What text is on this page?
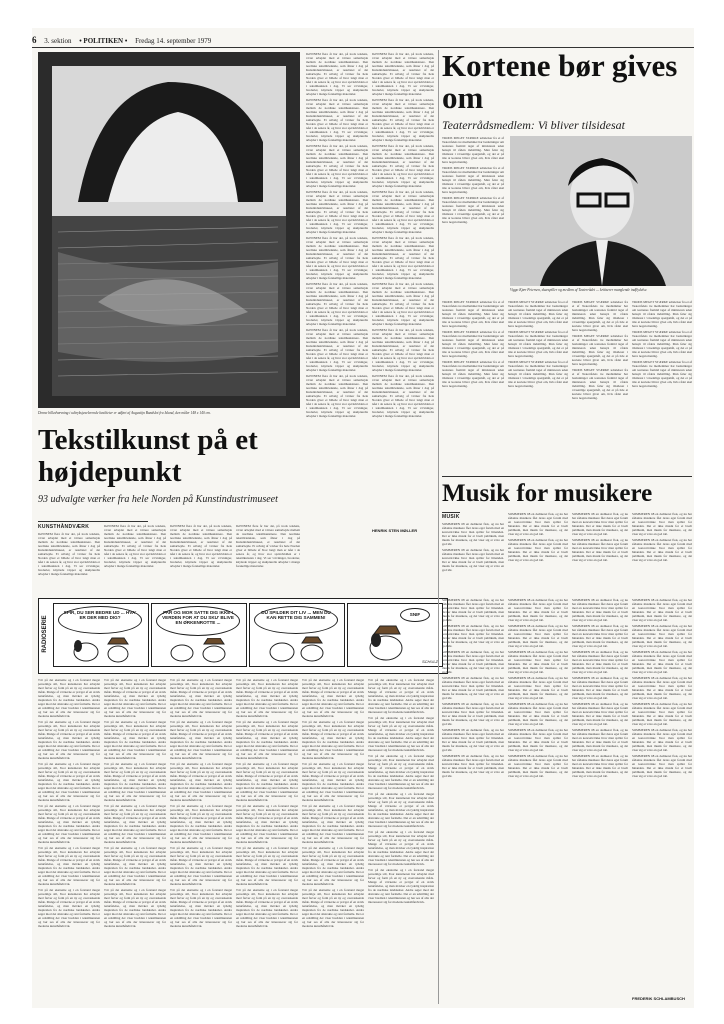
6 3. sektion • POLITIKEN • Fredag 14. september 1979
Denne billedvævning i udtryksjuvelerende kvaliteter er udført af Augustijn Bundslot fra Island, den måler 148 x 140 cm.
Tekstilkunst på et højdepunkt
93 udvalgte værker fra hele Norden på Kunstindustrimuseet
KUNSTHÅNDVÆRK

IGENNEM flere år har det, på trods tendens, været arbejdet med et tættere samarbejde mellem de nordiske tekstilkunstnere. Den nordiske tekstiltriennale, som åbner i dag på Kunstindustrimuseet, er resultatet af det samarbejde. Et udvalg af værker fra hele Norden giver et billede af hvor langt man er nået i de senere år, og hvor stor spændvidden er i tekstilkunsten i dag. Vi ser vævninger, broderier, knyttede tæpper og skulpturelle arbejder i mange forskellige materialer.

IGENNEM flere år har det, på trods tendens, været arbejdet med et tættere samarbejde mellem de nordiske tekstilkunstnere. Den nordiske tekstiltriennale, som åbner i dag på Kunstindustrimuseet, er resultatet af det samarbejde. Et udvalg af værker fra hele Norden giver et billede af hvor langt man er nået i de senere år, og hvor stor spændvidden er i tekstilkunsten i dag. Vi ser vævninger, broderier, knyttede tæpper og skulpturelle arbejder i mange forskellige materialer.

IGENNEM flere år har det, på trods tendens, været arbejdet med et tættere samarbejde mellem de nordiske tekstilkunstnere. Den nordiske tekstiltriennale, som åbner i dag på Kunstindustrimuseet, er resultatet af det samarbejde. Et udvalg af værker fra hele Norden giver et billede af hvor langt man er nået i de senere år, og hvor stor spændvidden er i tekstilkunsten i dag. Vi ser vævninger, broderier, knyttede tæpper og skulpturelle arbejder i mange forskellige materialer.

IGENNEM flere år har det, på trods tendens, været arbejdet med et tættere samarbejde mellem de nordiske tekstilkunstnere. Den nordiske tekstiltriennale, som åbner i dag på Kunstindustrimuseet, er resultatet af det samarbejde. Et udvalg af værker fra hele Norden giver et billede af hvor langt man er nået i de senere år, og hvor stor spændvidden er i tekstilkunsten i dag. Vi ser vævninger, broderier, knyttede tæpper og skulpturelle arbejder i mange forskellige materialer.

IGENNEM flere år har det, på trods tendens, været arbejdet med et tættere samarbejde mellem de nordiske tekstilkunstnere. Den nordiske tekstiltriennale, som åbner i dag på Kunstindustrimuseet, er resultatet af det samarbejde. Et udvalg af værker fra hele Norden giver et billede af hvor langt man er nået i de senere år, og hvor stor spændvidden er i tekstilkunsten i dag. Vi ser vævninger, broderier, knyttede tæpper og skulpturelle arbejder i mange forskellige materialer.

IGENNEM flere år har det, på trods tendens, været arbejdet med et tættere samarbejde mellem de nordiske tekstilkunstnere. Den nordiske tekstiltriennale, som åbner i dag på Kunstindustrimuseet, er resultatet af det samarbejde. Et udvalg af værker fra hele Norden giver et billede af hvor langt man er nået i de senere år, og hvor stor spændvidden er i tekstilkunsten i dag. Vi ser vævninger, broderier, knyttede tæpper og skulpturelle arbejder i mange forskellige materialer.

IGENNEM flere år har det, på trods tendens, været arbejdet med et tættere samarbejde mellem de nordiske tekstilkunstnere. Den nordiske tekstiltriennale, som åbner i dag på Kunstindustrimuseet, er resultatet af det samarbejde. Et udvalg af værker fra hele Norden giver et billede af hvor langt man er nået i de senere år, og hvor stor spændvidden er i tekstilkunsten i dag. Vi ser vævninger, broderier, knyttede tæpper og skulpturelle arbejder i mange forskellige materialer.

IGENNEM flere år har det, på trods tendens, været arbejdet med et tættere samarbejde mellem de nordiske tekstilkunstnere. Den nordiske tekstiltriennale, som åbner i dag på Kunstindustrimuseet, er resultatet af det samarbejde. Et udvalg af værker fra hele Norden giver et billede af hvor langt man er nået i de senere år, og hvor stor spændvidden er i tekstilkunsten i dag. Vi ser vævninger, broderier, knyttede tæpper og skulpturelle arbejder i mange forskellige materialer.

IGENNEM flere år har det, på trods tendens, været arbejdet med et tættere samarbejde mellem de nordiske tekstilkunstnere. Den nordiske tekstiltriennale, som åbner i dag på Kunstindustrimuseet, er resultatet af det samarbejde. Et udvalg af værker fra hele Norden giver et billede af hvor langt man er nået i de senere år, og hvor stor spændvidden er i tekstilkunsten i dag. Vi ser vævninger, broderier, knyttede tæpper og skulpturelle arbejder i mange forskellige materialer.

IGENNEM flere år har det, på trods tendens, været arbejdet med et tættere samarbejde mellem de nordiske tekstilkunstnere. Den nordiske tekstiltriennale, som åbner i dag på Kunstindustrimuseet, er resultatet af det samarbejde. Et udvalg af værker fra hele Norden giver et billede af hvor langt man er nået i de senere år, og hvor stor spændvidden er i tekstilkunsten i dag. Vi ser vævninger, broderier, knyttede tæpper og skulpturelle arbejder i mange forskellige materialer.

IGENNEM flere år har det, på trods tendens, været arbejdet med et tættere samarbejde mellem de nordiske tekstilkunstnere. Den nordiske tekstiltriennale, som åbner i dag på Kunstindustrimuseet, er resultatet af det samarbejde. Et udvalg af værker fra hele Norden giver et billede af hvor langt man er nået i de senere år, og hvor stor spændvidden er i tekstilkunsten i dag. Vi ser vævninger, broderier, knyttede tæpper og skulpturelle arbejder i mange forskellige materialer.

IGENNEM flere år har det, på trods tendens, været arbejdet med et tættere samarbejde mellem de nordiske tekstilkunstnere. Den nordiske tekstiltriennale, som åbner i dag på Kunstindustrimuseet, er resultatet af det samarbejde. Et udvalg af værker fra hele Norden giver et billede af hvor langt man er nået i de senere år, og hvor stor spændvidden er i tekstilkunsten i dag. Vi ser vævninger, broderier, knyttede tæpper og skulpturelle arbejder i mange forskellige materialer.

IGENNEM flere år har det, på trods tendens, været arbejdet med et tættere samarbejde mellem de nordiske tekstilkunstnere. Den nordiske tekstiltriennale, som åbner i dag på Kunstindustrimuseet, er resultatet af det samarbejde. Et udvalg af værker fra hele Norden giver et billede af hvor langt man er nået i de senere år, og hvor stor spændvidden er i tekstilkunsten i dag. Vi ser vævninger, broderier, knyttede tæpper og skulpturelle arbejder i mange forskellige materialer.

IGENNEM flere år har det, på trods tendens, været arbejdet med et tættere samarbejde mellem de nordiske tekstilkunstnere. Den nordiske tekstiltriennale, som åbner i dag på Kunstindustrimuseet, er resultatet af det samarbejde. Et udvalg af værker fra hele Norden giver et billede af hvor langt man er nået i de senere år, og hvor stor spændvidden er i tekstilkunsten i dag. Vi ser vævninger, broderier, knyttede tæpper og skulpturelle arbejder i mange forskellige materialer.

IGENNEM flere år har det, på trods tendens, været arbejdet med et tættere samarbejde mellem de nordiske tekstilkunstnere. Den nordiske tekstiltriennale, som åbner i dag på Kunstindustrimuseet, er resultatet af det samarbejde. Et udvalg af værker fra hele Norden giver et billede af hvor langt man er nået i de senere år, og hvor stor spændvidden er i tekstilkunsten i dag. Vi ser vævninger, broderier, knyttede tæpper og skulpturelle arbejder i mange forskellige materialer.

IGENNEM flere år har det, på trods tendens, været arbejdet med et tættere samarbejde mellem de nordiske tekstilkunstnere. Den nordiske tekstiltriennale, som åbner i dag på Kunstindustrimuseet, er resultatet af det samarbejde. Et udvalg af værker fra hele Norden giver et billede af hvor langt man er nået i de senere år, og hvor stor spændvidden er i tekstilkunsten i dag. Vi ser vævninger, broderier, knyttede tæpper og skulpturelle arbejder i mange forskellige materialer.

IGENNEM flere år har det, på trods tendens, været arbejdet med et tættere samarbejde mellem de nordiske tekstilkunstnere. Den nordiske tekstiltriennale, som åbner i dag på Kunstindustrimuseet, er resultatet af det samarbejde. Et udvalg af værker fra hele Norden giver et billede af hvor langt man er nået i de senere år, og hvor stor spændvidden er i tekstilkunsten i dag. Vi ser vævninger, broderier, knyttede tæpper og skulpturelle arbejder i mange forskellige materialer.

IGENNEM flere år har det, på trods tendens, været arbejdet med et tættere samarbejde mellem de nordiske tekstilkunstnere. Den nordiske tekstiltriennale, som åbner i dag på Kunstindustrimuseet, er resultatet af det samarbejde. Et udvalg af værker fra hele Norden giver et billede af hvor langt man er nået i de senere år, og hvor stor spændvidden er i tekstilkunsten i dag. Vi ser vævninger, broderier, knyttede tæpper og skulpturelle arbejder i mange forskellige materialer.

IGENNEM flere år har det, på trods tendens, været arbejdet med et tættere samarbejde mellem de nordiske tekstilkunstnere. Den nordiske tekstiltriennale, som åbner i dag på Kunstindustrimuseet, er resultatet af det samarbejde. Et udvalg af værker fra hele Norden giver et billede af hvor langt man er nået i de senere år, og hvor stor spændvidden er i tekstilkunsten i dag. Vi ser vævninger, broderier, knyttede tæpper og skulpturelle arbejder i mange forskellige materialer.

IGENNEM flere år har det, på trods tendens, været arbejdet med et tættere samarbejde mellem de nordiske tekstilkunstnere. Den nordiske tekstiltriennale, som åbner i dag på Kunstindustrimuseet, er resultatet af det samarbejde. Et udvalg af værker fra hele Norden giver et billede af hvor langt man er nået i de senere år, og hvor stor spændvidden er i tekstilkunsten i dag. Vi ser vævninger, broderier, knyttede tæpper og skulpturelle arbejder i mange forskellige materialer.

HENRIK STEN MØLLER
Kortene bør gives om
Teaterrådsmedlem: Vi bliver tilsidesat

TRODS MEGET STÆRKE udtalelser fra et af Teaterrådets tre medlemmer har beslutninger om teatrenes fremtid taget af ministeren uden hensyn til rådets indstilling. Man føler sig tilsidesat i væsentlige spørgsmål, og det er på tide at kortene bliver givet om, hvis rådet skal have nogen mening.

TRODS MEGET STÆRKE udtalelser fra et af Teaterrådets tre medlemmer har beslutninger om teatrenes fremtid taget af ministeren uden hensyn til rådets indstilling. Man føler sig tilsidesat i væsentlige spørgsmål, og det er på tide at kortene bliver givet om, hvis rådet skal have nogen mening.

TRODS MEGET STÆRKE udtalelser fra et af Teaterrådets tre medlemmer har beslutninger om teatrenes fremtid taget af ministeren uden hensyn til rådets indstilling. Man føler sig tilsidesat i væsentlige spørgsmål, og det er på tide at kortene bliver givet om, hvis rådet skal have nogen mening.

Viggo Kjær Petersen, skuespiller og medlem af Teaterrådet — kritiserer manglende indflydelse.

TRODS MEGET STÆRKE udtalelser fra et af Teaterrådets tre medlemmer har beslutninger om teatrenes fremtid taget af ministeren uden hensyn til rådets indstilling. Man føler sig tilsidesat i væsentlige spørgsmål, og det er på tide at kortene bliver givet om, hvis rådet skal have nogen mening.

TRODS MEGET STÆRKE udtalelser fra et af Teaterrådets tre medlemmer har beslutninger om teatrenes fremtid taget af ministeren uden hensyn til rådets indstilling. Man føler sig tilsidesat i væsentlige spørgsmål, og det er på tide at kortene bliver givet om, hvis rådet skal have nogen mening.

TRODS MEGET STÆRKE udtalelser fra et af Teaterrådets tre medlemmer har beslutninger om teatrenes fremtid taget af ministeren uden hensyn til rådets indstilling. Man føler sig tilsidesat i væsentlige spørgsmål, og det er på tide at kortene bliver givet om, hvis rådet skal have nogen mening.

TRODS MEGET STÆRKE udtalelser fra et af Teaterrådets tre medlemmer har beslutninger om teatrenes fremtid taget af ministeren uden hensyn til rådets indstilling. Man føler sig tilsidesat i væsentlige spørgsmål, og det er på tide at kortene bliver givet om, hvis rådet skal have nogen mening.

TRODS MEGET STÆRKE udtalelser fra et af Teaterrådets tre medlemmer har beslutninger om teatrenes fremtid taget af ministeren uden hensyn til rådets indstilling. Man føler sig tilsidesat i væsentlige spørgsmål, og det er på tide at kortene bliver givet om, hvis rådet skal have nogen mening.

TRODS MEGET STÆRKE udtalelser fra et af Teaterrådets tre medlemmer har beslutninger om teatrenes fremtid taget af ministeren uden hensyn til rådets indstilling. Man føler sig tilsidesat i væsentlige spørgsmål, og det er på tide at kortene bliver givet om, hvis rådet skal have nogen mening.

TRODS MEGET STÆRKE udtalelser fra et af Teaterrådets tre medlemmer har beslutninger om teatrenes fremtid taget af ministeren uden hensyn til rådets indstilling. Man føler sig tilsidesat i væsentlige spørgsmål, og det er på tide at kortene bliver givet om, hvis rådet skal have nogen mening.

TRODS MEGET STÆRKE udtalelser fra et af Teaterrådets tre medlemmer har beslutninger om teatrenes fremtid taget af ministeren uden hensyn til rådets indstilling. Man føler sig tilsidesat i væsentlige spørgsmål, og det er på tide at kortene bliver givet om, hvis rådet skal have nogen mening.

TRODS MEGET STÆRKE udtalelser fra et af Teaterrådets tre medlemmer har beslutninger om teatrenes fremtid taget af ministeren uden hensyn til rådets indstilling. Man føler sig tilsidesat i væsentlige spørgsmål, og det er på tide at kortene bliver givet om, hvis rådet skal have nogen mening.

TRODS MEGET STÆRKE udtalelser fra et af Teaterrådets tre medlemmer har beslutninger om teatrenes fremtid taget af ministeren uden hensyn til rådets indstilling. Man føler sig tilsidesat i væsentlige spørgsmål, og det er på tide at kortene bliver givet om, hvis rådet skal have nogen mening.

TRODS MEGET STÆRKE udtalelser fra et af Teaterrådets tre medlemmer har beslutninger om teatrenes fremtid taget af ministeren uden hensyn til rådets indstilling. Man føler sig tilsidesat i væsentlige spørgsmål, og det er på tide at kortene bliver givet om, hvis rådet skal have nogen mening.

TRODS MEGET STÆRKE udtalelser fra et af Teaterrådets tre medlemmer har beslutninger om teatrenes fremtid taget af ministeren uden hensyn til rådets indstilling. Man føler sig tilsidesat i væsentlige spørgsmål, og det er på tide at kortene bliver givet om, hvis rådet skal have nogen mening.

Musik for musikere
MUSIK

SOMMEREN 68 en dedikeret flok, og nu har sådanne musikere fået deres eget forum med en koncertrække hvor man spiller for hinanden. Det er ikke musik for et bredt publikum, men musik for musikere, og det viser sig at være en god idé.

SOMMEREN 68 en dedikeret flok, og nu har sådanne musikere fået deres eget forum med en koncertrække hvor man spiller for hinanden. Det er ikke musik for et bredt publikum, men musik for musikere, og det viser sig at være en god idé.

SOMMEREN 68 en dedikeret flok, og nu har sådanne musikere fået deres eget forum med en koncertrække hvor man spiller for hinanden. Det er ikke musik for et bredt publikum, men musik for musikere, og det viser sig at være en god idé.

SOMMEREN 68 en dedikeret flok, og nu har sådanne musikere fået deres eget forum med en koncertrække hvor man spiller for hinanden. Det er ikke musik for et bredt publikum, men musik for musikere, og det viser sig at være en god idé.

SOMMEREN 68 en dedikeret flok, og nu har sådanne musikere fået deres eget forum med en koncertrække hvor man spiller for hinanden. Det er ikke musik for et bredt publikum, men musik for musikere, og det viser sig at være en god idé.

SOMMEREN 68 en dedikeret flok, og nu har sådanne musikere fået deres eget forum med en koncertrække hvor man spiller for hinanden. Det er ikke musik for et bredt publikum, men musik for musikere, og det viser sig at være en god idé.

SOMMEREN 68 en dedikeret flok, og nu har sådanne musikere fået deres eget forum med en koncertrække hvor man spiller for hinanden. Det er ikke musik for et bredt publikum, men musik for musikere, og det viser sig at være en god idé.

SOMMEREN 68 en dedikeret flok, og nu har sådanne musikere fået deres eget forum med en koncertrække hvor man spiller for hinanden. Det er ikke musik for et bredt publikum, men musik for musikere, og det viser sig at være en god idé.

RADIOSERIE
SPIR, DU SER BEDRE UD ... HVA' ER DER MED DIG?
FAR OG MOR SATTE DIG IKKE I VERDEN FOR AT DU SKU' BLIVE EN ØRKENROTTE ...
DU SPILDER DIT LIV ... MEN DU KAN RETTE DIG SAMMEN!
SNIF
SCHULZ

Tæt på det ekstreme og i en forstand meget personlige stil, hvor kunstneren har arbejdet med farver og form på en ny og overraskende måde. Mange af værkerne er præget af en stærk naturfølelse, og man mærker en tydelig inspiration fra de nordiske landskaber. Andre søger mod det abstrakte og rent formelle. Det er en udstilling der viser bredden i tekstilkunsten og bør ses af alle der interesserer sig for moderne kunsthåndværk.

Tæt på det ekstreme og i en forstand meget personlige stil, hvor kunstneren har arbejdet med farver og form på en ny og overraskende måde. Mange af værkerne er præget af en stærk naturfølelse, og man mærker en tydelig inspiration fra de nordiske landskaber. Andre søger mod det abstrakte og rent formelle. Det er en udstilling der viser bredden i tekstilkunsten og bør ses af alle der interesserer sig for moderne kunsthåndværk.

Tæt på det ekstreme og i en forstand meget personlige stil, hvor kunstneren har arbejdet med farver og form på en ny og overraskende måde. Mange af værkerne er præget af en stærk naturfølelse, og man mærker en tydelig inspiration fra de nordiske landskaber. Andre søger mod det abstrakte og rent formelle. Det er en udstilling der viser bredden i tekstilkunsten og bør ses af alle der interesserer sig for moderne kunsthåndværk.

Tæt på det ekstreme og i en forstand meget personlige stil, hvor kunstneren har arbejdet med farver og form på en ny og overraskende måde. Mange af værkerne er præget af en stærk naturfølelse, og man mærker en tydelig inspiration fra de nordiske landskaber. Andre søger mod det abstrakte og rent formelle. Det er en udstilling der viser bredden i tekstilkunsten og bør ses af alle der interesserer sig for moderne kunsthåndværk.

Tæt på det ekstreme og i en forstand meget personlige stil, hvor kunstneren har arbejdet med farver og form på en ny og overraskende måde. Mange af værkerne er præget af en stærk naturfølelse, og man mærker en tydelig inspiration fra de nordiske landskaber. Andre søger mod det abstrakte og rent formelle. Det er en udstilling der viser bredden i tekstilkunsten og bør ses af alle der interesserer sig for moderne kunsthåndværk.

Tæt på det ekstreme og i en forstand meget personlige stil, hvor kunstneren har arbejdet med farver og form på en ny og overraskende måde. Mange af værkerne er præget af en stærk naturfølelse, og man mærker en tydelig inspiration fra de nordiske landskaber. Andre søger mod det abstrakte og rent formelle. Det er en udstilling der viser bredden i tekstilkunsten og bør ses af alle der interesserer sig for moderne kunsthåndværk.

Tæt på det ekstreme og i en forstand meget personlige stil, hvor kunstneren har arbejdet med farver og form på en ny og overraskende måde. Mange af værkerne er præget af en stærk naturfølelse, og man mærker en tydelig inspiration fra de nordiske landskaber. Andre søger mod det abstrakte og rent formelle. Det er en udstilling der viser bredden i tekstilkunsten og bør ses af alle der interesserer sig for moderne kunsthåndværk.

Tæt på det ekstreme og i en forstand meget personlige stil, hvor kunstneren har arbejdet med farver og form på en ny og overraskende måde. Mange af værkerne er præget af en stærk naturfølelse, og man mærker en tydelig inspiration fra de nordiske landskaber. Andre søger mod det abstrakte og rent formelle. Det er en udstilling der viser bredden i tekstilkunsten og bør ses af alle der interesserer sig for moderne kunsthåndværk.

Tæt på det ekstreme og i en forstand meget personlige stil, hvor kunstneren har arbejdet med farver og form på en ny og overraskende måde. Mange af værkerne er præget af en stærk naturfølelse, og man mærker en tydelig inspiration fra de nordiske landskaber. Andre søger mod det abstrakte og rent formelle. Det er en udstilling der viser bredden i tekstilkunsten og bør ses af alle der interesserer sig for moderne kunsthåndværk.

Tæt på det ekstreme og i en forstand meget personlige stil, hvor kunstneren har arbejdet med farver og form på en ny og overraskende måde. Mange af værkerne er præget af en stærk naturfølelse, og man mærker en tydelig inspiration fra de nordiske landskaber. Andre søger mod det abstrakte og rent formelle. Det er en udstilling der viser bredden i tekstilkunsten og bør ses af alle der interesserer sig for moderne kunsthåndværk.

Tæt på det ekstreme og i en forstand meget personlige stil, hvor kunstneren har arbejdet med farver og form på en ny og overraskende måde. Mange af værkerne er præget af en stærk naturfølelse, og man mærker en tydelig inspiration fra de nordiske landskaber. Andre søger mod det abstrakte og rent formelle. Det er en udstilling der viser bredden i tekstilkunsten og bør ses af alle der interesserer sig for moderne kunsthåndværk.

Tæt på det ekstreme og i en forstand meget personlige stil, hvor kunstneren har arbejdet med farver og form på en ny og overraskende måde. Mange af værkerne er præget af en stærk naturfølelse, og man mærker en tydelig inspiration fra de nordiske landskaber. Andre søger mod det abstrakte og rent formelle. Det er en udstilling der viser bredden i tekstilkunsten og bør ses af alle der interesserer sig for moderne kunsthåndværk.

Tæt på det ekstreme og i en forstand meget personlige stil, hvor kunstneren har arbejdet med farver og form på en ny og overraskende måde. Mange af værkerne er præget af en stærk naturfølelse, og man mærker en tydelig inspiration fra de nordiske landskaber. Andre søger mod det abstrakte og rent formelle. Det er en udstilling der viser bredden i tekstilkunsten og bør ses af alle der interesserer sig for moderne kunsthåndværk.

Tæt på det ekstreme og i en forstand meget personlige stil, hvor kunstneren har arbejdet med farver og form på en ny og overraskende måde. Mange af værkerne er præget af en stærk naturfølelse, og man mærker en tydelig inspiration fra de nordiske landskaber. Andre søger mod det abstrakte og rent formelle. Det er en udstilling der viser bredden i tekstilkunsten og bør ses af alle der interesserer sig for moderne kunsthåndværk.

Tæt på det ekstreme og i en forstand meget personlige stil, hvor kunstneren har arbejdet med farver og form på en ny og overraskende måde. Mange af værkerne er præget af en stærk naturfølelse, og man mærker en tydelig inspiration fra de nordiske landskaber. Andre søger mod det abstrakte og rent formelle. Det er en udstilling der viser bredden i tekstilkunsten og bør ses af alle der interesserer sig for moderne kunsthåndværk.

Tæt på det ekstreme og i en forstand meget personlige stil, hvor kunstneren har arbejdet med farver og form på en ny og overraskende måde. Mange af værkerne er præget af en stærk naturfølelse, og man mærker en tydelig inspiration fra de nordiske landskaber. Andre søger mod det abstrakte og rent formelle. Det er en udstilling der viser bredden i tekstilkunsten og bør ses af alle der interesserer sig for moderne kunsthåndværk.

Tæt på det ekstreme og i en forstand meget personlige stil, hvor kunstneren har arbejdet med farver og form på en ny og overraskende måde. Mange af værkerne er præget af en stærk naturfølelse, og man mærker en tydelig inspiration fra de nordiske landskaber. Andre søger mod det abstrakte og rent formelle. Det er en udstilling der viser bredden i tekstilkunsten og bør ses af alle der interesserer sig for moderne kunsthåndværk.

Tæt på det ekstreme og i en forstand meget personlige stil, hvor kunstneren har arbejdet med farver og form på en ny og overraskende måde. Mange af værkerne er præget af en stærk naturfølelse, og man mærker en tydelig inspiration fra de nordiske landskaber. Andre søger mod det abstrakte og rent formelle. Det er en udstilling der viser bredden i tekstilkunsten og bør ses af alle der interesserer sig for moderne kunsthåndværk.

Tæt på det ekstreme og i en forstand meget personlige stil, hvor kunstneren har arbejdet med farver og form på en ny og overraskende måde. Mange af værkerne er præget af en stærk naturfølelse, og man mærker en tydelig inspiration fra de nordiske landskaber. Andre søger mod det abstrakte og rent formelle. Det er en udstilling der viser bredden i tekstilkunsten og bør ses af alle der interesserer sig for moderne kunsthåndværk.

Tæt på det ekstreme og i en forstand meget personlige stil, hvor kunstneren har arbejdet med farver og form på en ny og overraskende måde. Mange af værkerne er præget af en stærk naturfølelse, og man mærker en tydelig inspiration fra de nordiske landskaber. Andre søger mod det abstrakte og rent formelle. Det er en udstilling der viser bredden i tekstilkunsten og bør ses af alle der interesserer sig for moderne kunsthåndværk.

Tæt på det ekstreme og i en forstand meget personlige stil, hvor kunstneren har arbejdet med farver og form på en ny og overraskende måde. Mange af værkerne er præget af en stærk naturfølelse, og man mærker en tydelig inspiration fra de nordiske landskaber. Andre søger mod det abstrakte og rent formelle. Det er en udstilling der viser bredden i tekstilkunsten og bør ses af alle der interesserer sig for moderne kunsthåndværk.

Tæt på det ekstreme og i en forstand meget personlige stil, hvor kunstneren har arbejdet med farver og form på en ny og overraskende måde. Mange af værkerne er præget af en stærk naturfølelse, og man mærker en tydelig inspiration fra de nordiske landskaber. Andre søger mod det abstrakte og rent formelle. Det er en udstilling der viser bredden i tekstilkunsten og bør ses af alle der interesserer sig for moderne kunsthåndværk.

Tæt på det ekstreme og i en forstand meget personlige stil, hvor kunstneren har arbejdet med farver og form på en ny og overraskende måde. Mange af værkerne er præget af en stærk naturfølelse, og man mærker en tydelig inspiration fra de nordiske landskaber. Andre søger mod det abstrakte og rent formelle. Det er en udstilling der viser bredden i tekstilkunsten og bør ses af alle der interesserer sig for moderne kunsthåndværk.

Tæt på det ekstreme og i en forstand meget personlige stil, hvor kunstneren har arbejdet med farver og form på en ny og overraskende måde. Mange af værkerne er præget af en stærk naturfølelse, og man mærker en tydelig inspiration fra de nordiske landskaber. Andre søger mod det abstrakte og rent formelle. Det er en udstilling der viser bredden i tekstilkunsten og bør ses af alle der interesserer sig for moderne kunsthåndværk.

Tæt på det ekstreme og i en forstand meget personlige stil, hvor kunstneren har arbejdet med farver og form på en ny og overraskende måde. Mange af værkerne er præget af en stærk naturfølelse, og man mærker en tydelig inspiration fra de nordiske landskaber. Andre søger mod det abstrakte og rent formelle. Det er en udstilling der viser bredden i tekstilkunsten og bør ses af alle der interesserer sig for moderne kunsthåndværk.

Tæt på det ekstreme og i en forstand meget personlige stil, hvor kunstneren har arbejdet med farver og form på en ny og overraskende måde. Mange af værkerne er præget af en stærk naturfølelse, og man mærker en tydelig inspiration fra de nordiske landskaber. Andre søger mod det abstrakte og rent formelle. Det er en udstilling der viser bredden i tekstilkunsten og bør ses af alle der interesserer sig for moderne kunsthåndværk.

Tæt på det ekstreme og i en forstand meget personlige stil, hvor kunstneren har arbejdet med farver og form på en ny og overraskende måde. Mange af værkerne er præget af en stærk naturfølelse, og man mærker en tydelig inspiration fra de nordiske landskaber. Andre søger mod det abstrakte og rent formelle. Det er en udstilling der viser bredden i tekstilkunsten og bør ses af alle der interesserer sig for moderne kunsthåndværk.

Tæt på det ekstreme og i en forstand meget personlige stil, hvor kunstneren har arbejdet med farver og form på en ny og overraskende måde. Mange af værkerne er præget af en stærk naturfølelse, og man mærker en tydelig inspiration fra de nordiske landskaber. Andre søger mod det abstrakte og rent formelle. Det er en udstilling der viser bredden i tekstilkunsten og bør ses af alle der interesserer sig for moderne kunsthåndværk.

Tæt på det ekstreme og i en forstand meget personlige stil, hvor kunstneren har arbejdet med farver og form på en ny og overraskende måde. Mange af værkerne er præget af en stærk naturfølelse, og man mærker en tydelig inspiration fra de nordiske landskaber. Andre søger mod det abstrakte og rent formelle. Det er en udstilling der viser bredden i tekstilkunsten og bør ses af alle der interesserer sig for moderne kunsthåndværk.

Tæt på det ekstreme og i en forstand meget personlige stil, hvor kunstneren har arbejdet med farver og form på en ny og overraskende måde. Mange af værkerne er præget af en stærk naturfølelse, og man mærker en tydelig inspiration fra de nordiske landskaber. Andre søger mod det abstrakte og rent formelle. Det er en udstilling der viser bredden i tekstilkunsten og bør ses af alle der interesserer sig for moderne kunsthåndværk.

Tæt på det ekstreme og i en forstand meget personlige stil, hvor kunstneren har arbejdet med farver og form på en ny og overraskende måde. Mange af værkerne er præget af en stærk naturfølelse, og man mærker en tydelig inspiration fra de nordiske landskaber. Andre søger mod det abstrakte og rent formelle. Det er en udstilling der viser bredden i tekstilkunsten og bør ses af alle der interesserer sig for moderne kunsthåndværk.

Tæt på det ekstreme og i en forstand meget personlige stil, hvor kunstneren har arbejdet med farver og form på en ny og overraskende måde. Mange af værkerne er præget af en stærk naturfølelse, og man mærker en tydelig inspiration fra de nordiske landskaber. Andre søger mod det abstrakte og rent formelle. Det er en udstilling der viser bredden i tekstilkunsten og bør ses af alle der interesserer sig for moderne kunsthåndværk.

Tæt på det ekstreme og i en forstand meget personlige stil, hvor kunstneren har arbejdet med farver og form på en ny og overraskende måde. Mange af værkerne er præget af en stærk naturfølelse, og man mærker en tydelig inspiration fra de nordiske landskaber. Andre søger mod det abstrakte og rent formelle. Det er en udstilling der viser bredden i tekstilkunsten og bør ses af alle der interesserer sig for moderne kunsthåndværk.

Tæt på det ekstreme og i en forstand meget personlige stil, hvor kunstneren har arbejdet med farver og form på en ny og overraskende måde. Mange af værkerne er præget af en stærk naturfølelse, og man mærker en tydelig inspiration fra de nordiske landskaber. Andre søger mod det abstrakte og rent formelle. Det er en udstilling der viser bredden i tekstilkunsten og bør ses af alle der interesserer sig for moderne kunsthåndværk.

Tæt på det ekstreme og i en forstand meget personlige stil, hvor kunstneren har arbejdet med farver og form på en ny og overraskende måde. Mange af værkerne er præget af en stærk naturfølelse, og man mærker en tydelig inspiration fra de nordiske landskaber. Andre søger mod det abstrakte og rent formelle. Det er en udstilling der viser bredden i tekstilkunsten og bør ses af alle der interesserer sig for moderne kunsthåndværk.

Tæt på det ekstreme og i en forstand meget personlige stil, hvor kunstneren har arbejdet med farver og form på en ny og overraskende måde. Mange af værkerne er præget af en stærk naturfølelse, og man mærker en tydelig inspiration fra de nordiske landskaber. Andre søger mod det abstrakte og rent formelle. Det er en udstilling der viser bredden i tekstilkunsten og bør ses af alle der interesserer sig for moderne kunsthåndværk.

SOMMEREN 68 en dedikeret flok, og nu har sådanne musikere fået deres eget forum med en koncertrække hvor man spiller for hinanden. Det er ikke musik for et bredt publikum, men musik for musikere, og det viser sig at være en god idé.

SOMMEREN 68 en dedikeret flok, og nu har sådanne musikere fået deres eget forum med en koncertrække hvor man spiller for hinanden. Det er ikke musik for et bredt publikum, men musik for musikere, og det viser sig at være en god idé.

SOMMEREN 68 en dedikeret flok, og nu har sådanne musikere fået deres eget forum med en koncertrække hvor man spiller for hinanden. Det er ikke musik for et bredt publikum, men musik for musikere, og det viser sig at være en god idé.

SOMMEREN 68 en dedikeret flok, og nu har sådanne musikere fået deres eget forum med en koncertrække hvor man spiller for hinanden. Det er ikke musik for et bredt publikum, men musik for musikere, og det viser sig at være en god idé.

SOMMEREN 68 en dedikeret flok, og nu har sådanne musikere fået deres eget forum med en koncertrække hvor man spiller for hinanden. Det er ikke musik for et bredt publikum, men musik for musikere, og det viser sig at være en god idé.

SOMMEREN 68 en dedikeret flok, og nu har sådanne musikere fået deres eget forum med en koncertrække hvor man spiller for hinanden. Det er ikke musik for et bredt publikum, men musik for musikere, og det viser sig at være en god idé.

SOMMEREN 68 en dedikeret flok, og nu har sådanne musikere fået deres eget forum med en koncertrække hvor man spiller for hinanden. Det er ikke musik for et bredt publikum, men musik for musikere, og det viser sig at være en god idé.

SOMMEREN 68 en dedikeret flok, og nu har sådanne musikere fået deres eget forum med en koncertrække hvor man spiller for hinanden. Det er ikke musik for et bredt publikum, men musik for musikere, og det viser sig at være en god idé.

SOMMEREN 68 en dedikeret flok, og nu har sådanne musikere fået deres eget forum med en koncertrække hvor man spiller for hinanden. Det er ikke musik for et bredt publikum, men musik for musikere, og det viser sig at være en god idé.

SOMMEREN 68 en dedikeret flok, og nu har sådanne musikere fået deres eget forum med en koncertrække hvor man spiller for hinanden. Det er ikke musik for et bredt publikum, men musik for musikere, og det viser sig at være en god idé.

SOMMEREN 68 en dedikeret flok, og nu har sådanne musikere fået deres eget forum med en koncertrække hvor man spiller for hinanden. Det er ikke musik for et bredt publikum, men musik for musikere, og det viser sig at være en god idé.

SOMMEREN 68 en dedikeret flok, og nu har sådanne musikere fået deres eget forum med en koncertrække hvor man spiller for hinanden. Det er ikke musik for et bredt publikum, men musik for musikere, og det viser sig at være en god idé.

SOMMEREN 68 en dedikeret flok, og nu har sådanne musikere fået deres eget forum med en koncertrække hvor man spiller for hinanden. Det er ikke musik for et bredt publikum, men musik for musikere, og det viser sig at være en god idé.

SOMMEREN 68 en dedikeret flok, og nu har sådanne musikere fået deres eget forum med en koncertrække hvor man spiller for hinanden. Det er ikke musik for et bredt publikum, men musik for musikere, og det viser sig at være en god idé.

SOMMEREN 68 en dedikeret flok, og nu har sådanne musikere fået deres eget forum med en koncertrække hvor man spiller for hinanden. Det er ikke musik for et bredt publikum, men musik for musikere, og det viser sig at være en god idé.

SOMMEREN 68 en dedikeret flok, og nu har sådanne musikere fået deres eget forum med en koncertrække hvor man spiller for hinanden. Det er ikke musik for et bredt publikum, men musik for musikere, og det viser sig at være en god idé.

SOMMEREN 68 en dedikeret flok, og nu har sådanne musikere fået deres eget forum med en koncertrække hvor man spiller for hinanden. Det er ikke musik for et bredt publikum, men musik for musikere, og det viser sig at være en god idé.

SOMMEREN 68 en dedikeret flok, og nu har sådanne musikere fået deres eget forum med en koncertrække hvor man spiller for hinanden. Det er ikke musik for et bredt publikum, men musik for musikere, og det viser sig at være en god idé.

SOMMEREN 68 en dedikeret flok, og nu har sådanne musikere fået deres eget forum med en koncertrække hvor man spiller for hinanden. Det er ikke musik for et bredt publikum, men musik for musikere, og det viser sig at være en god idé.

SOMMEREN 68 en dedikeret flok, og nu har sådanne musikere fået deres eget forum med en koncertrække hvor man spiller for hinanden. Det er ikke musik for et bredt publikum, men musik for musikere, og det viser sig at være en god idé.

SOMMEREN 68 en dedikeret flok, og nu har sådanne musikere fået deres eget forum med en koncertrække hvor man spiller for hinanden. Det er ikke musik for et bredt publikum, men musik for musikere, og det viser sig at være en god idé.

SOMMEREN 68 en dedikeret flok, og nu har sådanne musikere fået deres eget forum med en koncertrække hvor man spiller for hinanden. Det er ikke musik for et bredt publikum, men musik for musikere, og det viser sig at være en god idé.

SOMMEREN 68 en dedikeret flok, og nu har sådanne musikere fået deres eget forum med en koncertrække hvor man spiller for hinanden. Det er ikke musik for et bredt publikum, men musik for musikere, og det viser sig at være en god idé.

SOMMEREN 68 en dedikeret flok, og nu har sådanne musikere fået deres eget forum med en koncertrække hvor man spiller for hinanden. Det er ikke musik for et bredt publikum, men musik for musikere, og det viser sig at være en god idé.

SOMMEREN 68 en dedikeret flok, og nu har sådanne musikere fået deres eget forum med en koncertrække hvor man spiller for hinanden. Det er ikke musik for et bredt publikum, men musik for musikere, og det viser sig at være en god idé.

SOMMEREN 68 en dedikeret flok, og nu har sådanne musikere fået deres eget forum med en koncertrække hvor man spiller for hinanden. Det er ikke musik for et bredt publikum, men musik for musikere, og det viser sig at være en god idé.

SOMMEREN 68 en dedikeret flok, og nu har sådanne musikere fået deres eget forum med en koncertrække hvor man spiller for hinanden. Det er ikke musik for et bredt publikum, men musik for musikere, og det viser sig at være en god idé.

SOMMEREN 68 en dedikeret flok, og nu har sådanne musikere fået deres eget forum med en koncertrække hvor man spiller for hinanden. Det er ikke musik for et bredt publikum, men musik for musikere, og det viser sig at være en god idé.

FREDERIK SCHLAMBUSCH
